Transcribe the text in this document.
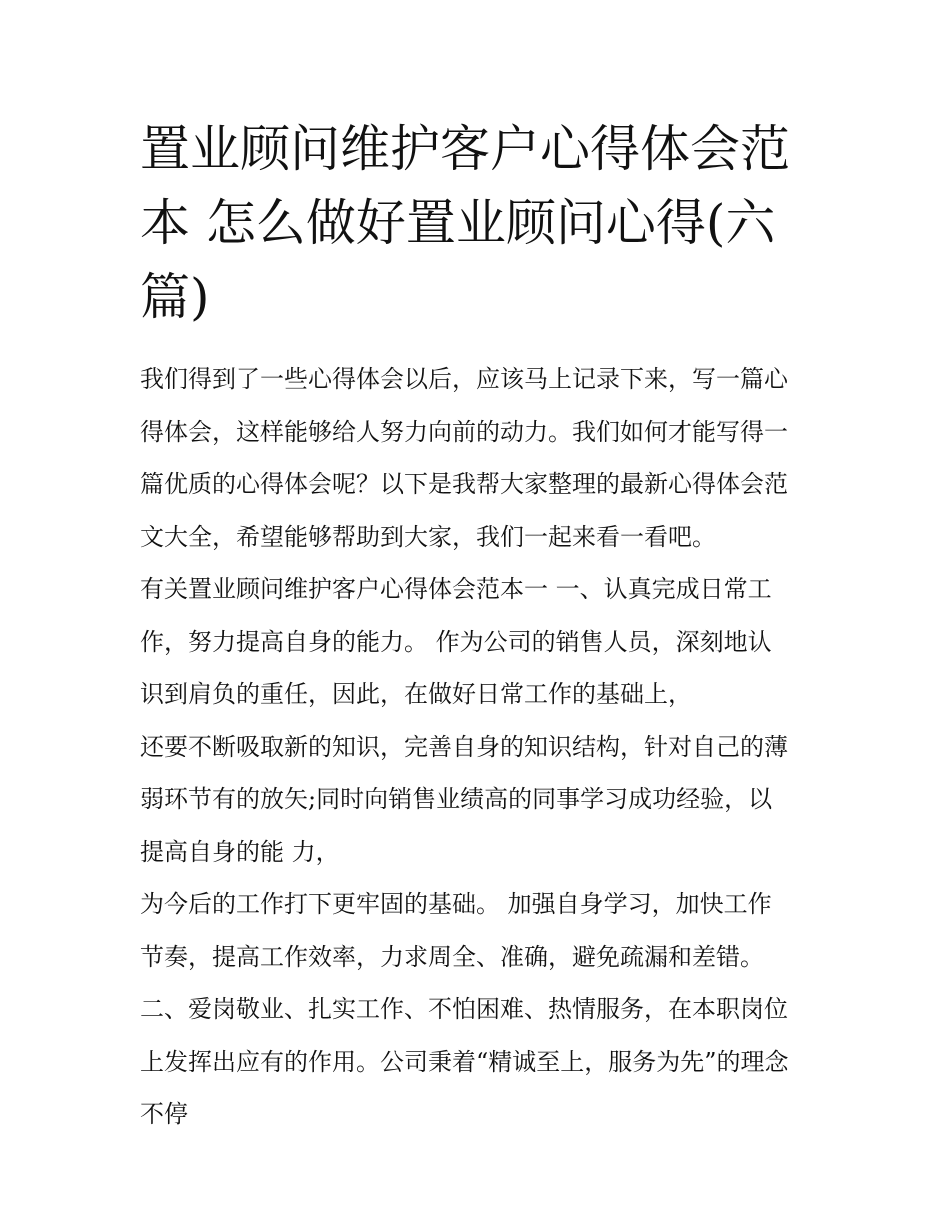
置业顾问维护客户心得体会范
本 怎么做好置业顾问心得(六
篇)
我们得到了一些心得体会以后，应该马上记录下来，写一篇心
得体会，这样能够给人努力向前的动力。我们如何才能写得一
篇优质的心得体会呢？以下是我帮大家整理的最新心得体会范
文大全，希望能够帮助到大家，我们一起来看一看吧。
有关置业顾问维护客户心得体会范本一 一、认真完成日常工
作，努力提高自身的能力。 作为公司的销售人员，深刻地认
识到肩负的重任，因此，在做好日常工作的基础上，
还要不断吸取新的知识，完善自身的知识结构，针对自己的薄
弱环节有的放矢;同时向销售业绩高的同事学习成功经验，以
提高自身的能 力，
为今后的工作打下更牢固的基础。 加强自身学习，加快工作
节奏，提高工作效率，力求周全、准确，避免疏漏和差错。
二、爱岗敬业、扎实工作、不怕困难、热情服务，在本职岗位
上发挥出应有的作用。公司秉着“精诚至上，服务为先”的理念
不停
